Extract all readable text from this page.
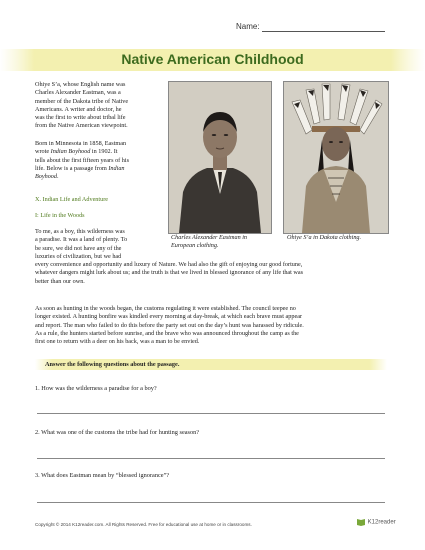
Name:
Native American Childhood
Ohiye S’a, whose English name was
Charles Alexander Eastman, was a
member of the Dakota tribe of Native
Americans. A writer and doctor, he
was the first to write about tribal life
from the Native American viewpoint.
Born in Minnesota in 1858, Eastman
wrote Indian Boyhood in 1902. It
tells about the first fifteen years of his
life. Below is a passage from Indian
Boyhood.
X. Indian Life and Adventure
I: Life in the Woods
To me, as a boy, this wilderness was
a paradise. It was a land of plenty. To
be sure, we did not have any of the
luxuries of civilization, but we had
every convenience and opportunity and luxury of Nature. We had also the gift of enjoying our good fortune,
whatever dangers might lurk about us; and the truth is that we lived in blessed ignorance of any life that was
better than our own.
As soon as hunting in the woods began, the customs regulating it were established. The council teepee no
longer existed. A hunting bonfire was kindled every morning at day-break, at which each brave must appear
and report. The man who failed to do this before the party set out on the day’s hunt was harassed by ridicule.
As a rule, the hunters started before sunrise, and the brave who was announced throughout the camp as the
first one to return with a deer on his back, was a man to be envied.
Charles Alexander Eastman in
European clothing.
Ohiye S’a in Dakota clothing.
Answer the following questions about the passage.
1. How was the wilderness a paradise for a boy?
2. What was one of the customs the tribe had for hunting season?
3. What does Eastman mean by “blessed ignorance”?
Copyright © 2014 K12reader.com. All Rights Reserved. Free for educational use at home or in classrooms.	K12reader
